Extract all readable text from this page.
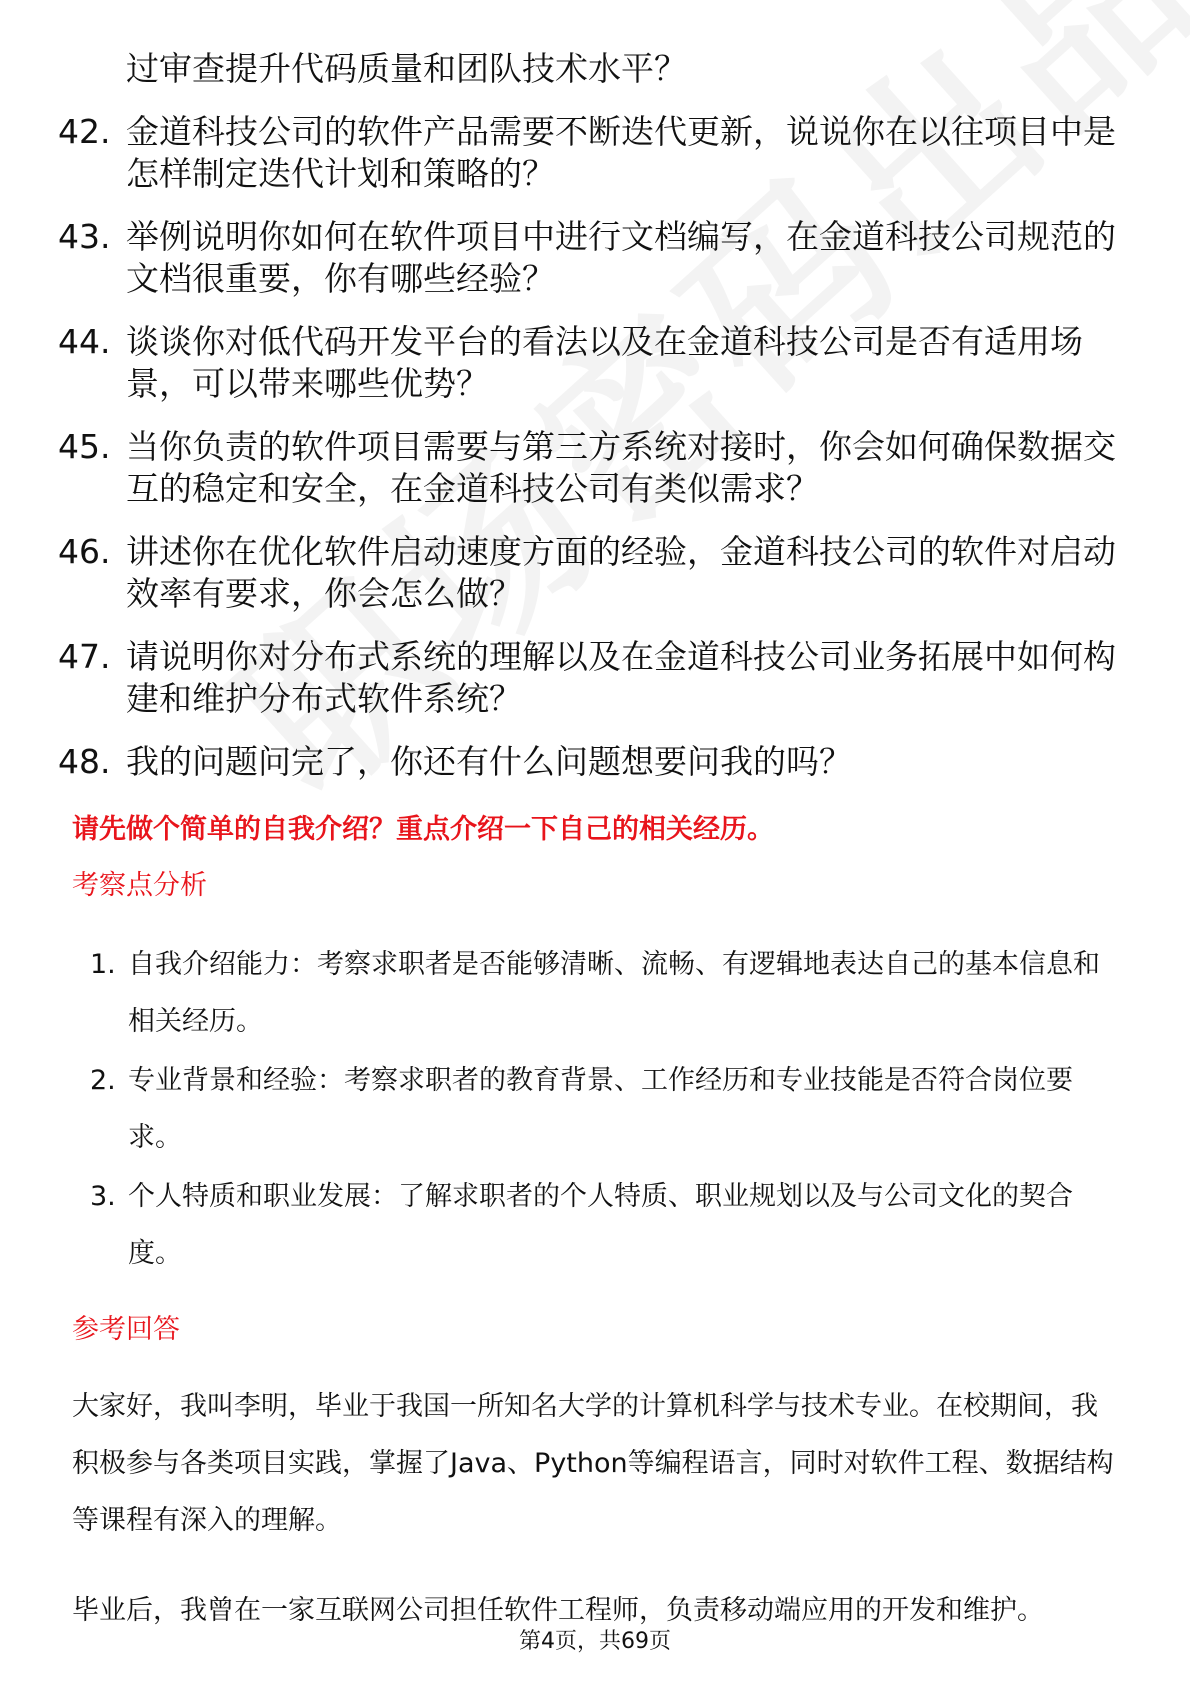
过审查提升代码质量和团队技术水平？
42. 金道科技公司的软件产品需要不断迭代更新，说说你在以往项目中是怎样制定迭代计划和策略的？
43. 举例说明你如何在软件项目中进行文档编写，在金道科技公司规范的文档很重要，你有哪些经验？
44. 谈谈你对低代码开发平台的看法以及在金道科技公司是否有适用场景，可以带来哪些优势？
45. 当你负责的软件项目需要与第三方系统对接时，你会如何确保数据交互的稳定和安全，在金道科技公司有类似需求？
46. 讲述你在优化软件启动速度方面的经验，金道科技公司的软件对启动效率有要求，你会怎么做？
47. 请说明你对分布式系统的理解以及在金道科技公司业务拓展中如何构建和维护分布式软件系统？
48. 我的问题问完了，你还有什么问题想要问我的吗？
请先做个简单的自我介绍？重点介绍一下自己的相关经历。
考察点分析
1. 自我介绍能力：考察求职者是否能够清晰、流畅、有逻辑地表达自己的基本信息和相关经历。
2. 专业背景和经验：考察求职者的教育背景、工作经历和专业技能是否符合岗位要求。
3. 个人特质和职业发展：了解求职者的个人特质、职业规划以及与公司文化的契合度。
参考回答
大家好，我叫李明，毕业于我国一所知名大学的计算机科学与技术专业。在校期间，我积极参与各类项目实践，掌握了Java、Python等编程语言，同时对软件工程、数据结构等课程有深入的理解。
毕业后，我曾在一家互联网公司担任软件工程师，负责移动端应用的开发和维护。
第4页，共69页
